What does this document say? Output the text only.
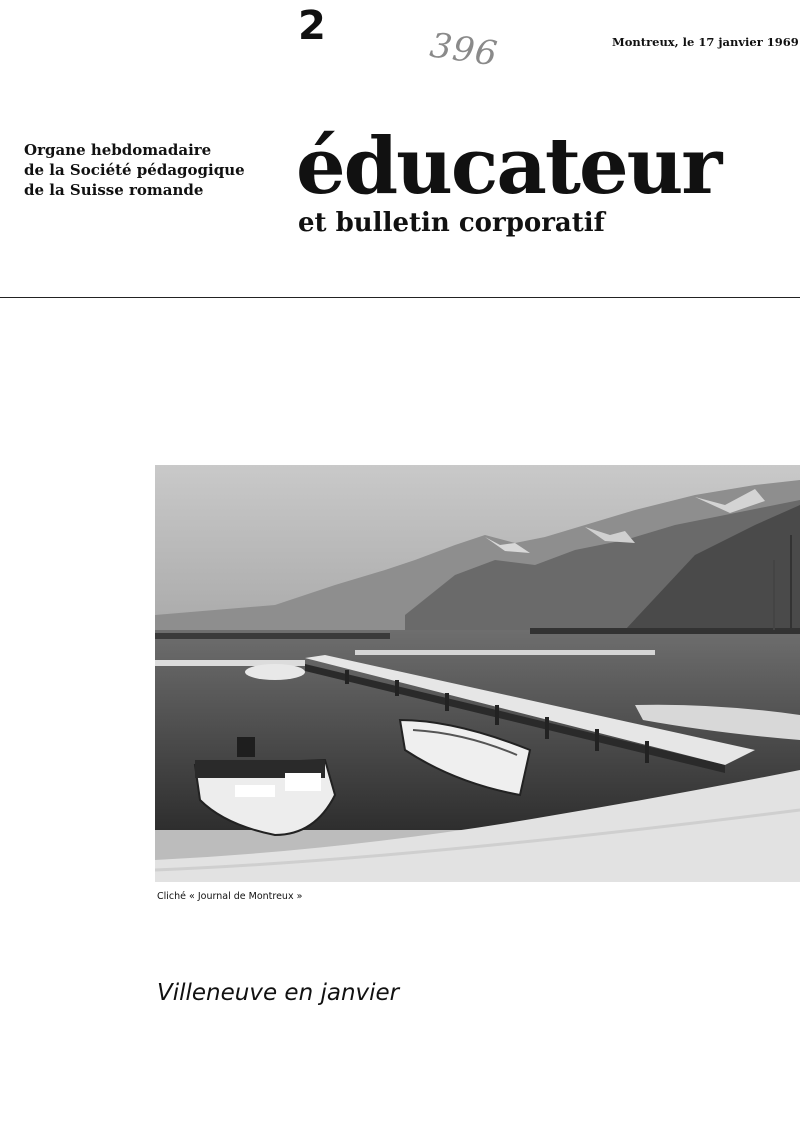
2	396	Montreux, le 17 janvier 1969
Organe hebdomadaire
de la Société pédagogique
de la Suisse romande	éducateur
et bulletin corporatif
Cliché « Journal de Montreux »
Villeneuve en janvier
